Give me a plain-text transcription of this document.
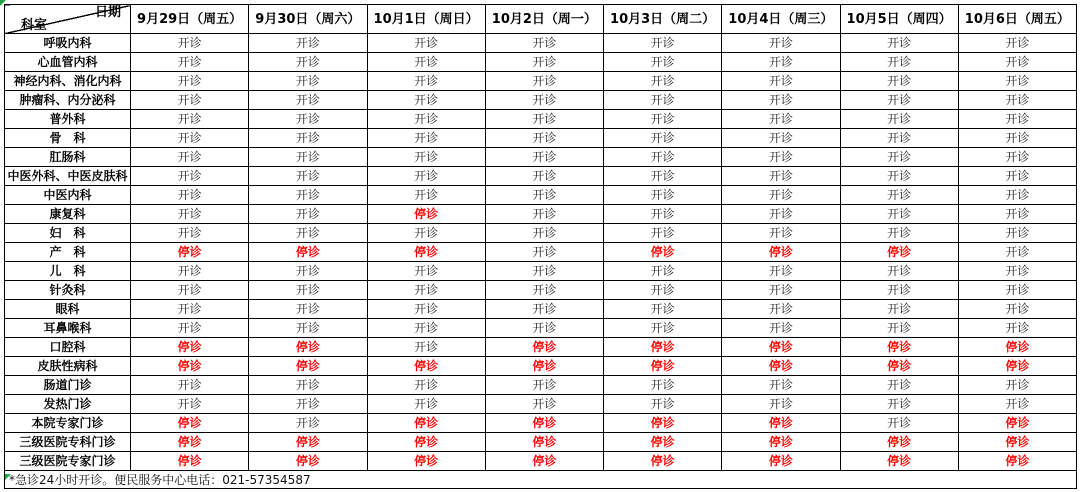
日期
科室	9月29日（周五）	9月30日（周六）	10月1日（周日）	10月2日（周一）	10月3日（周二）	10月4日（周三）	10月5日（周四）	10月6日（周五）
呼吸内科	开诊	开诊	开诊	开诊	开诊	开诊	开诊	开诊
心血管内科	开诊	开诊	开诊	开诊	开诊	开诊	开诊	开诊
神经内科、消化内科	开诊	开诊	开诊	开诊	开诊	开诊	开诊	开诊
肿瘤科、内分泌科	开诊	开诊	开诊	开诊	开诊	开诊	开诊	开诊
普外科	开诊	开诊	开诊	开诊	开诊	开诊	开诊	开诊
骨　科	开诊	开诊	开诊	开诊	开诊	开诊	开诊	开诊
肛肠科	开诊	开诊	开诊	开诊	开诊	开诊	开诊	开诊
中医外科、中医皮肤科	开诊	开诊	开诊	开诊	开诊	开诊	开诊	开诊
中医内科	开诊	开诊	开诊	开诊	开诊	开诊	开诊	开诊
康复科	开诊	开诊	停诊	开诊	开诊	开诊	开诊	开诊
妇　科	开诊	开诊	开诊	开诊	开诊	开诊	开诊	开诊
产　科	停诊	停诊	停诊	开诊	停诊	停诊	停诊	开诊
儿　科	开诊	开诊	开诊	开诊	开诊	开诊	开诊	开诊
针灸科	开诊	开诊	开诊	开诊	开诊	开诊	开诊	开诊
眼科	开诊	开诊	开诊	开诊	开诊	开诊	开诊	开诊
耳鼻喉科	开诊	开诊	开诊	开诊	开诊	开诊	开诊	开诊
口腔科	停诊	停诊	开诊	停诊	停诊	停诊	停诊	停诊
皮肤性病科	停诊	停诊	停诊	停诊	停诊	停诊	停诊	停诊
肠道门诊	开诊	开诊	开诊	开诊	开诊	开诊	开诊	开诊
发热门诊	开诊	开诊	开诊	开诊	开诊	开诊	开诊	开诊
本院专家门诊	停诊	开诊	停诊	停诊	停诊	停诊	开诊	停诊
三级医院专科门诊	停诊	停诊	停诊	停诊	停诊	停诊	停诊	停诊
三级医院专家门诊	停诊	停诊	停诊	停诊	停诊	停诊	停诊	停诊
*急诊24小时开诊。便民服务中心电话：021-57354587								
